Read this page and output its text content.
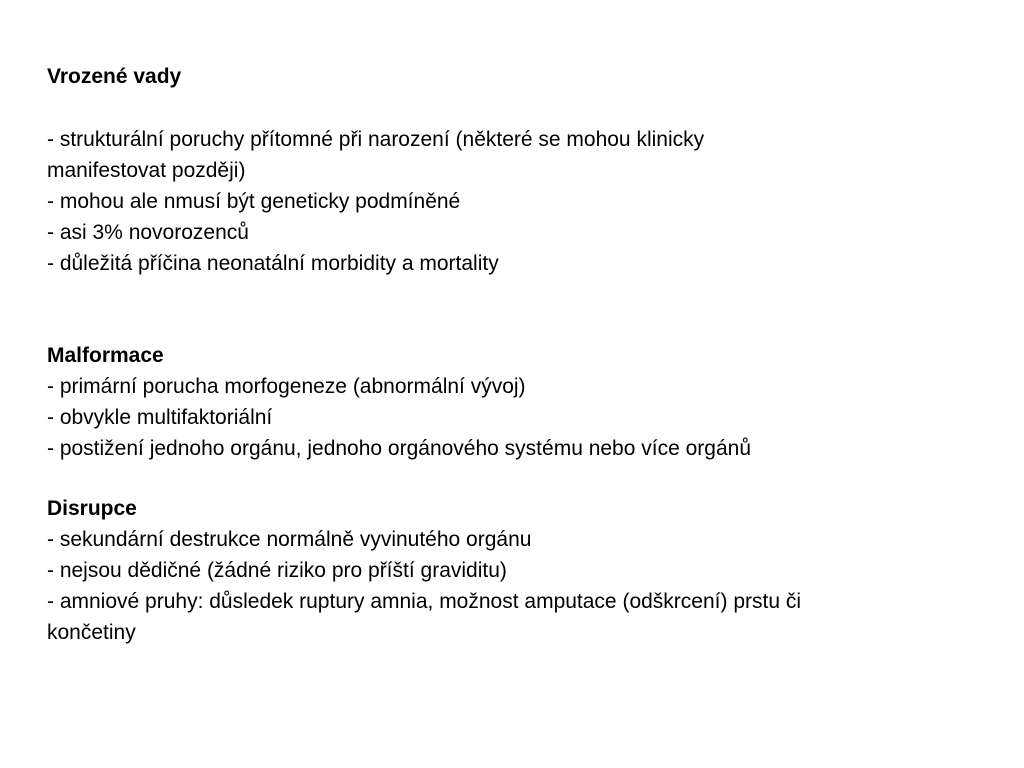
Vrozené vady
- strukturální poruchy přítomné při narození (některé se mohou klinicky
manifestovat později)
- mohou ale nmusí být geneticky podmíněné
- asi 3% novorozenců
- důležitá příčina neonatální morbidity a mortality
Malformace
- primární porucha morfogeneze (abnormální vývoj)
- obvykle multifaktoriální
- postižení jednoho orgánu, jednoho orgánového systému nebo více orgánů
Disrupce
- sekundární destrukce normálně vyvinutého orgánu
- nejsou dědičné (žádné riziko pro příští graviditu)
- amniové pruhy: důsledek ruptury amnia, možnost amputace (odškrcení) prstu či
končetiny
